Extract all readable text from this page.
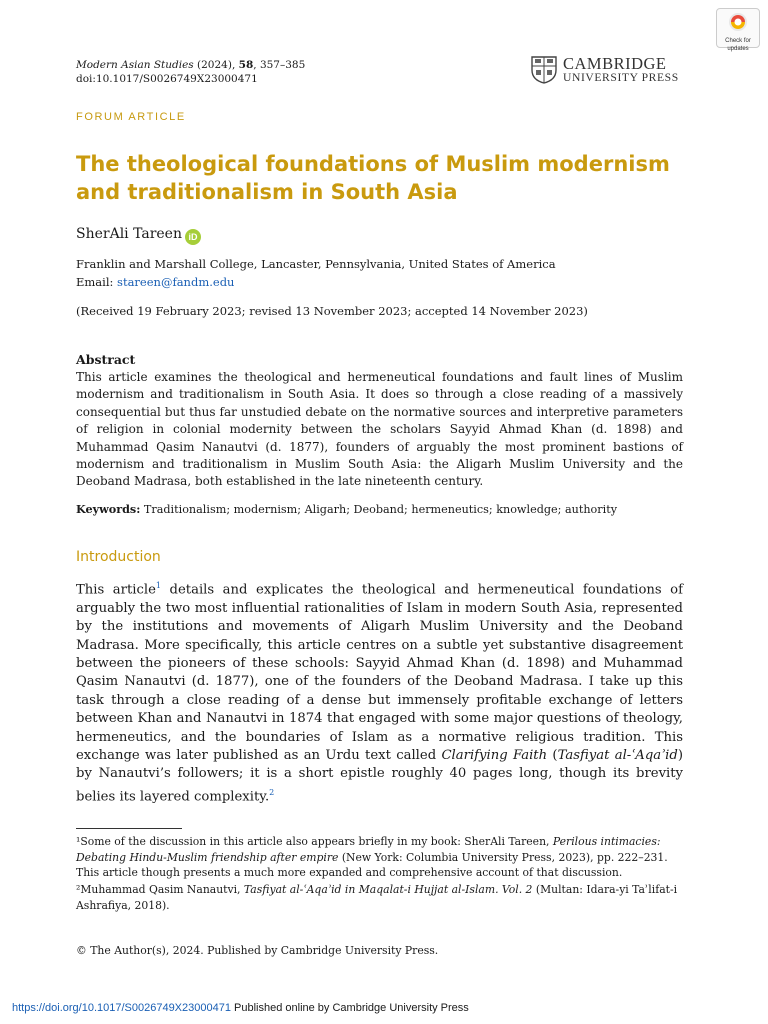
Modern Asian Studies (2024), 58, 357–385
doi:10.1017/S0026749X23000471
CAMBRIDGE
UNIVERSITY PRESS
Check for
updates
FORUM ARTICLE
The theological foundations of Muslim modernism and traditionalism in South Asia
SherAli Tareen iD
Franklin and Marshall College, Lancaster, Pennsylvania, United States of America
Email: stareen@fandm.edu
(Received 19 February 2023; revised 13 November 2023; accepted 14 November 2023)
Abstract
This article examines the theological and hermeneutical foundations and fault lines of Muslim modernism and traditionalism in South Asia. It does so through a close reading of a massively consequential but thus far unstudied debate on the normative sources and interpretive parameters of religion in colonial modernity between the scholars Sayyid Ahmad Khan (d. 1898) and Muhammad Qasim Nanautvi (d. 1877), founders of arguably the most prominent bastions of modernism and traditionalism in Muslim South Asia: the Aligarh Muslim University and the Deoband Madrasa, both established in the late nineteenth century.
Keywords: Traditionalism; modernism; Aligarh; Deoband; hermeneutics; knowledge; authority
Introduction
This article$^1$ details and explicates the theological and hermeneutical foundations of arguably the two most influential rationalities of Islam in modern South Asia, represented by the institutions and movements of Aligarh Muslim University and the Deoband Madrasa. More specifically, this article centres on a subtle yet substantive disagreement between the pioneers of these schools: Sayyid Ahmad Khan (d. 1898) and Muhammad Qasim Nanautvi (d. 1877), one of the founders of the Deoband Madrasa. I take up this task through a close reading of a dense but immensely profitable exchange of letters between Khan and Nanautvi in 1874 that engaged with some major questions of theology, hermeneutics, and the boundaries of Islam as a normative religious tradition. This exchange was later published as an Urdu text called Clarifying Faith (Tasfiyat al-ʿAqaʾid) by Nanautvi’s followers; it is a short epistle roughly 40 pages long, though its brevity belies its layered complexity.$^2$
¹Some of the discussion in this article also appears briefly in my book: SherAli Tareen, Perilous intimacies: Debating Hindu-Muslim friendship after empire (New York: Columbia University Press, 2023), pp. 222–231. This article though presents a much more expanded and comprehensive account of that discussion.
²Muhammad Qasim Nanautvi, Tasfiyat al-ʿAqaʾid in Maqalat-i Hujjat al-Islam. Vol. 2 (Multan: Idara-yi Taʾlifat-i Ashrafiya, 2018).
© The Author(s), 2024. Published by Cambridge University Press.
https://doi.org/10.1017/S0026749X23000471 Published online by Cambridge University Press
